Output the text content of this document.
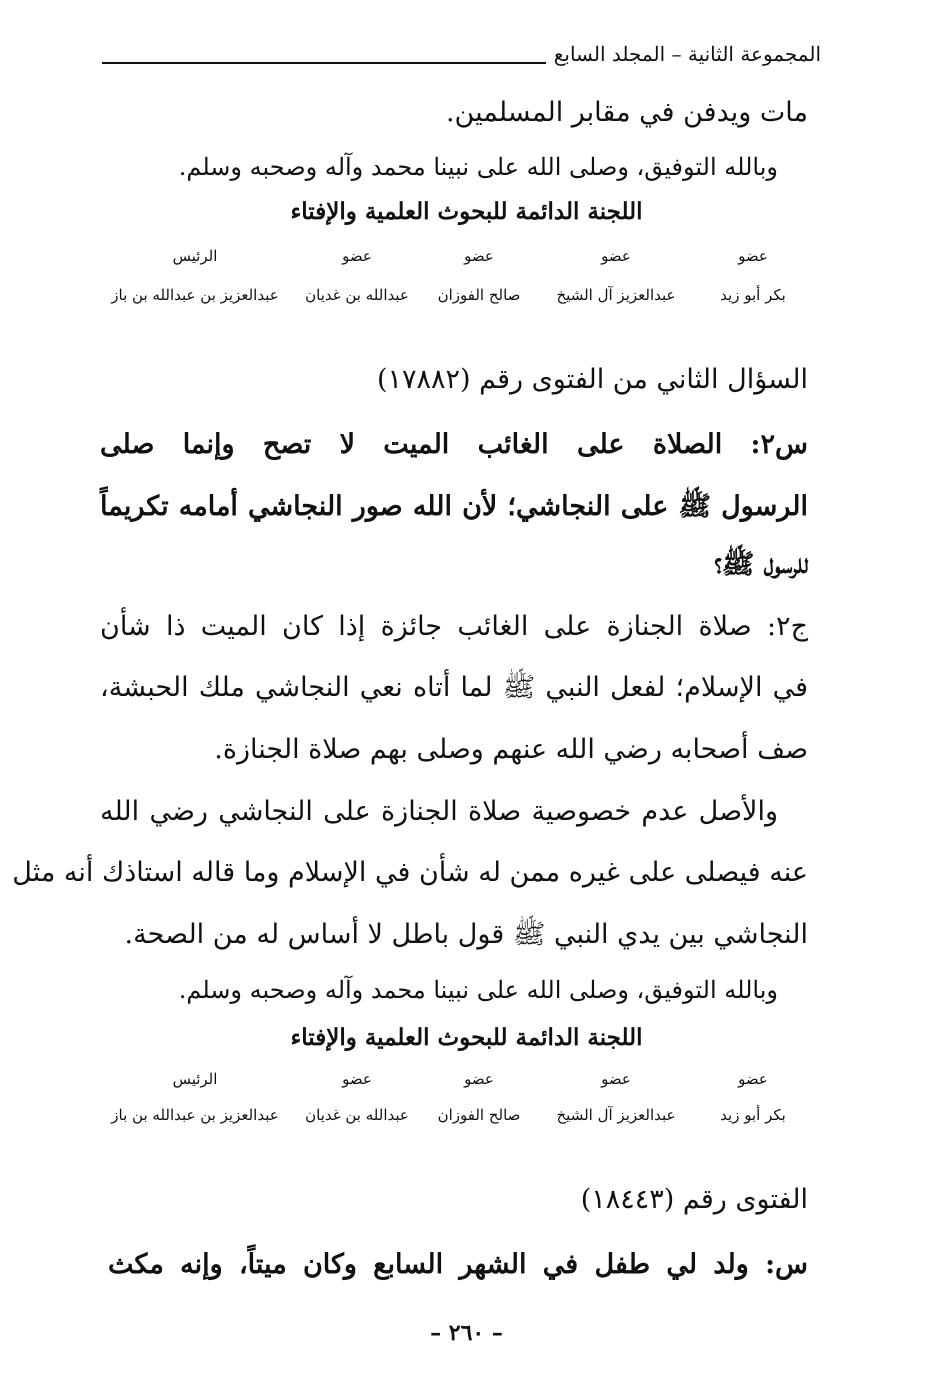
المجموعة الثانية – المجلد السابع
مات ويدفن في مقابر المسلمين.
وبالله التوفيق، وصلى الله على نبينا محمد وآله وصحبه وسلم.
اللجنة الدائمة للبحوث العلمية والإفتاء
عضو
عضو
عضو
عضو
الرئيس
بكر أبو زيد
عبدالعزيز آل الشيخ
صالح الفوزان
عبدالله بن غديان
عبدالعزيز بن عبدالله بن باز
السؤال الثاني من الفتوى رقم (١٧٨٨٢)
س٢: الصلاة على الغائب الميت لا تصح وإنما صلى
الرسول ﷺ على النجاشي؛ لأن الله صور النجاشي أمامه تكريماً
للرسول ﷺ؟
ج٢: صلاة الجنازة على الغائب جائزة إذا كان الميت ذا شأن
في الإسلام؛ لفعل النبي ﷺ لما أتاه نعي النجاشي ملك الحبشة،
صف أصحابه رضي الله عنهم وصلى بهم صلاة الجنازة.
والأصل عدم خصوصية صلاة الجنازة على النجاشي رضي الله
عنه فيصلى على غيره ممن له شأن في الإسلام وما قاله استاذك أنه مثل
النجاشي بين يدي النبي ﷺ قول باطل لا أساس له من الصحة.
وبالله التوفيق، وصلى الله على نبينا محمد وآله وصحبه وسلم.
اللجنة الدائمة للبحوث العلمية والإفتاء
عضو
عضو
عضو
عضو
الرئيس
بكر أبو زيد
عبدالعزيز آل الشيخ
صالح الفوزان
عبدالله بن غديان
عبدالعزيز بن عبدالله بن باز
الفتوى رقم (١٨٤٤٣)
س: ولد لي طفل في الشهر السابع وكان ميتاً، وإنه مكث
– ٢٦٠ –
